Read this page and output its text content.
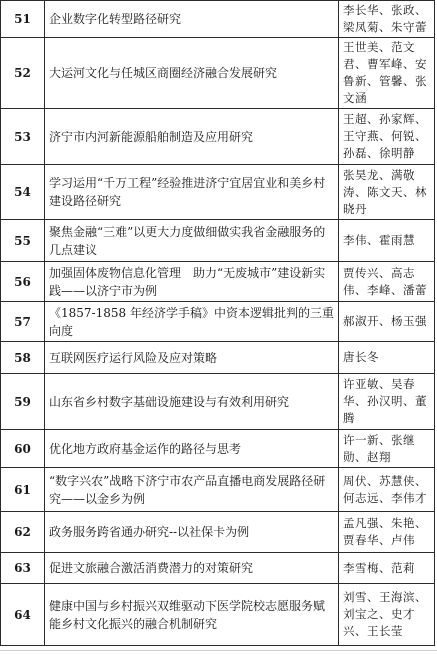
51	企业数字化转型路径研究	李长华、张政、梁凤菊、朱守蕾
52	大运河文化与任城区商圈经济融合发展研究	王世美、范文君、曹军峰、安鲁新、管馨、张文涵
53	济宁市内河新能源船舶制造及应用研究	王超、孙家辉、王守燕、何锐、孙磊、徐明静
54	学习运用“千万工程”经验推进济宁宜居宜业和美乡村建设路径研究	张昊龙、满敬涛、陈文天、林晓丹
55	聚焦金融“三难”以更大力度做细做实我省金融服务的几点建议	李伟、霍雨慧
56	加强固体废物信息化管理　助力“无废城市”建设新实践——以济宁市为例	贾传兴、高志伟、李峰、潘蕾
57	《1857-1858 年经济学手稿》中资本逻辑批判的三重向度	郝淑开、杨玉强
58	互联网医疗运行风险及应对策略	唐长冬
59	山东省乡村数字基础设施建设与有效利用研究	许亚敏、吴春华、孙汉明、董腾
60	优化地方政府基金运作的路径与思考	许一新、张继勋、赵翔
61	“数字兴农”战略下济宁市农产品直播电商发展路径研究——以金乡为例	周伏、苏慧侠、何志远、李伟才
62	政务服务跨省通办研究--以社保卡为例	孟凡强、朱艳、贾春华、卢伟
63	促进文旅融合激活消费潜力的对策研究	李雪梅、范莉
64	健康中国与乡村振兴双维驱动下医学院校志愿服务赋能乡村文化振兴的融合机制研究	刘雪、王海滨、刘宝之、史才兴、王长莹
